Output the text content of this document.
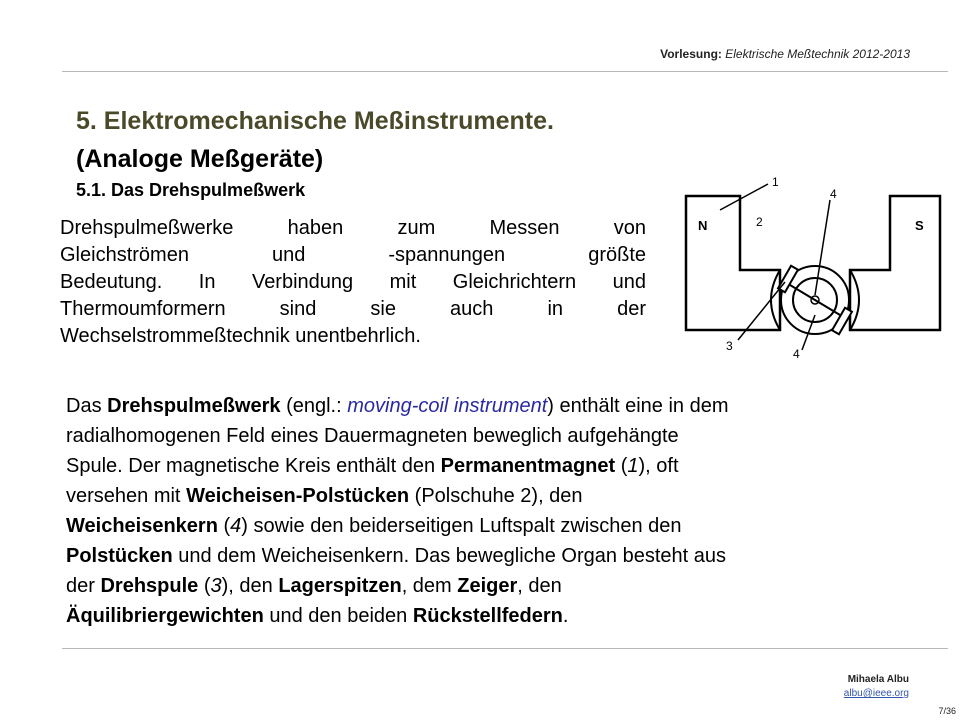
Vorlesung: Elektrische Meßtechnik 2012-2013
5. Elektromechanische Meßinstrumente.
(Analoge Meßgeräte)
5.1. Das Drehspulmeßwerk
Drehspulmeßwerke haben zum Messen von
Gleichströmen und -spannungen größte
Bedeutung. In Verbindung mit Gleichrichtern und
Thermoumformern sind sie auch in der
Wechselstrommeßtechnik unentbehrlich.
N	S
1
2
3
4
4
Das Drehspulmeßwerk (engl.: moving-coil instrument) enthält eine in dem
radialhomogenen Feld eines Dauermagneten beweglich aufgehängte
Spule. Der magnetische Kreis enthält den Permanentmagnet (1), oft
versehen mit Weicheisen-Polstücken (Polschuhe 2), den
Weicheisenkern (4) sowie den beiderseitigen Luftspalt zwischen den
Polstücken und dem Weicheisenkern. Das bewegliche Organ besteht aus
der Drehspule (3), den Lagerspitzen, dem Zeiger, den
Äquilibriergewichten und den beiden Rückstellfedern.
Mihaela Albu
albu@ieee.org
7/36
